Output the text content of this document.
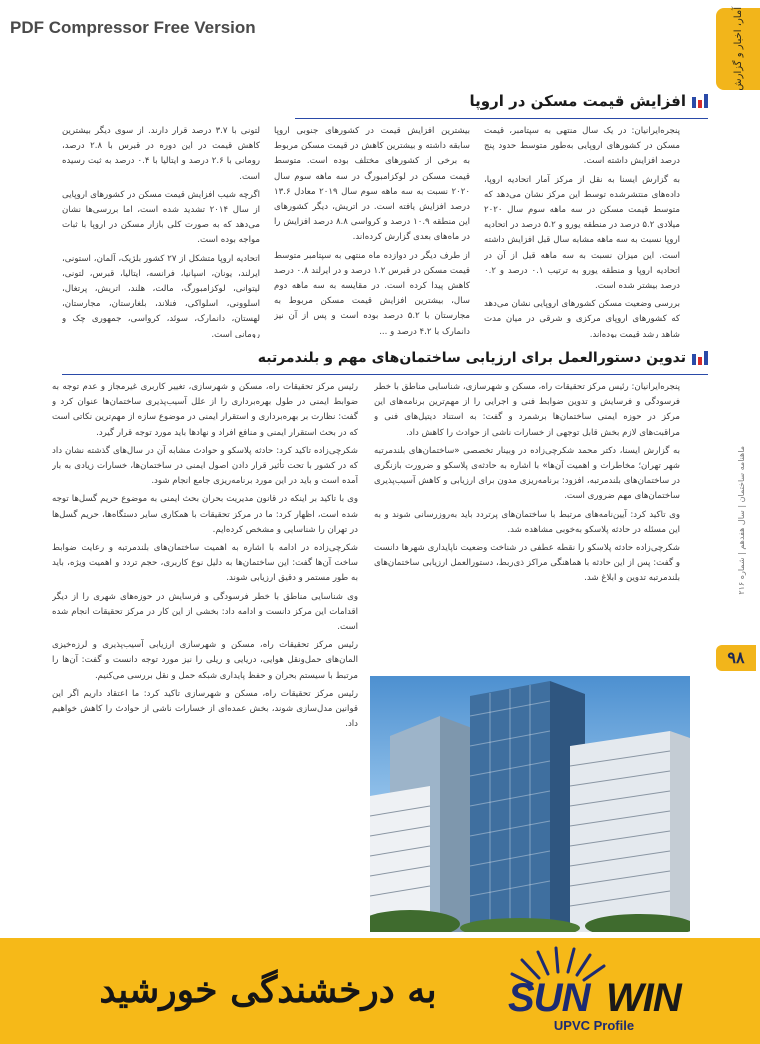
PDF Compressor Free Version	آمار، اخبار و گزارش
ماهنامه ساختمان | سال هفدهم | شماره ۲۱۶
۹۸
افزایش قیمت مسکن در اروپا

پنجره‌ایرانیان: در یک سال منتهی به سپتامبر، قیمت مسکن در کشورهای اروپایی به‌طور متوسط حدود پنج درصد افزایش داشته است.

به گزارش ایسنا به نقل از مرکز آمار اتحادیه اروپا، داده‌های منتشرشده توسط این مرکز نشان می‌دهد که متوسط قیمت مسکن در سه ماهه سوم سال ۲۰۲۰ میلادی ۵.۲ درصد در منطقه یورو و ۵.۲ درصد در اتحادیه اروپا نسبت به سه ماهه مشابه سال قبل افزایش داشته است. این میزان نسبت به سه ماهه قبل از آن در اتحادیه اروپا و منطقه یورو به ترتیب ۰.۱ درصد و ۰.۲ درصد بیشتر شده است.

بررسی وضعیت مسکن کشورهای اروپایی نشان می‌دهد که کشورهای اروپای مرکزی و شرقی در میان مدت شاهد رشد قیمت بوده‌اند.

بیشترین افزایش قیمت در کشورهای جنوبی اروپا سابقه داشته و بیشترین کاهش در قیمت مسکن مربوط به برخی از کشورهای مختلف بوده است. متوسط قیمت مسکن در لوکزامبورگ در سه ماهه سوم سال ۲۰۲۰ نسبت به سه ماهه سوم سال ۲۰۱۹ معادل ۱۳.۶ درصد افزایش یافته است. در اتریش، دیگر کشورهای این منطقه ۱۰.۹ درصد و کرواسی ۸.۸ درصد افزایش را در ماه‌های بعدی گزارش کرده‌اند.

از طرف دیگر در دوازده ماه منتهی به سپتامبر متوسط قیمت مسکن در قبرس ۱.۲ درصد و در ایرلند ۰.۸ درصد کاهش پیدا کرده است. در مقایسه به سه ماهه دوم سال، بیشترین افزایش قیمت مسکن مربوط به مجارستان با ۵.۲ درصد بوده است و پس از آن نیز دانمارک با ۴.۲ درصد و ...

لتونی با ۳.۷ درصد قرار دارند. از سوی دیگر بیشترین کاهش قیمت در این دوره در قبرس با ۲.۸ درصد، رومانی با ۲.۶ درصد و ایتالیا با ۰.۴ درصد به ثبت رسیده است.

اگرچه شیب افزایش قیمت مسکن در کشورهای اروپایی از سال ۲۰۱۴ تشدید شده است، اما بررسی‌ها نشان می‌دهد که به صورت کلی بازار مسکن در اروپا با ثبات مواجه بوده است.

اتحادیه اروپا متشکل از ۲۷ کشور بلژیک، آلمان، استونی، ایرلند، یونان، اسپانیا، فرانسه، ایتالیا، قبرس، لتونی، لیتوانی، لوکزامبورگ، مالت، هلند، اتریش، پرتغال، اسلوونی، اسلواکی، فنلاند، بلغارستان، مجارستان، لهستان، دانمارک، سوئد، کرواسی، جمهوری چک و رومانی است.

تدوین دستورالعمل برای ارزیابی ساختمان‌های مهم و بلندمرتبه

پنجره‌ایرانیان: رئیس مرکز تحقیقات راه، مسکن و شهرسازی، شناسایی مناطق با خطر فرسودگی و فرسایش و تدوین ضوابط فنی و اجرایی را از مهم‌ترین برنامه‌های این مرکز در حوزه ایمنی ساختمان‌ها برشمرد و گفت: به استناد دیتیل‌های فنی و مراقبت‌های لازم بخش قابل توجهی از خسارات ناشی از حوادث را کاهش داد.

به گزارش ایسنا، دکتر محمد شکرچی‌زاده در وبینار تخصصی «ساختمان‌های بلندمرتبه شهر تهران؛ مخاطرات و اهمیت آن‌ها» با اشاره به حادثه‌ی پلاسکو و ضرورت بازنگری در ساختمان‌های بلندمرتبه، افزود: برنامه‌ریزی مدون برای ارزیابی و کاهش آسیب‌پذیری ساختمان‌های مهم ضروری است.

وی تاکید کرد: آیین‌نامه‌های مرتبط با ساختمان‌های پرتردد باید به‌روزرسانی شوند و به این مسئله در حادثه پلاسکو به‌خوبی مشاهده شد.

شکرچی‌زاده حادثه پلاسکو را نقطه عطفی در شناخت وضعیت ناپایداری شهرها دانست و گفت: پس از این حادثه با هماهنگی مراکز ذی‌ربط، دستورالعمل ارزیابی ساختمان‌های بلندمرتبه تدوین و ابلاغ شد.

رئیس مرکز تحقیقات راه، مسکن و شهرسازی، تغییر کاربری غیرمجاز و عدم توجه به ضوابط ایمنی در طول بهره‌برداری را از علل آسیب‌پذیری ساختمان‌ها عنوان کرد و گفت: نظارت بر بهره‌برداری و استقرار ایمنی در موضوع سازه از مهم‌ترین نکاتی است که در بحث استقرار ایمنی و منافع افراد و نهادها باید مورد توجه قرار گیرد.

شکرچی‌زاده تاکید کرد: حادثه پلاسکو و حوادث مشابه آن در سال‌های گذشته نشان داد که در کشور با تحت تأثیر قرار دادن اصول ایمنی در ساختمان‌ها، خسارات زیادی به بار آمده است و باید در این مورد برنامه‌ریزی جامع انجام شود.

وی با تاکید بر اینکه در قانون مدیریت بحران بحث ایمنی به موضوع حریم گسل‌ها توجه شده است، اظهار کرد: ما در مرکز تحقیقات با همکاری سایر دستگاه‌ها، حریم گسل‌ها در تهران را شناسایی و مشخص کرده‌ایم.

شکرچی‌زاده در ادامه با اشاره به اهمیت ساختمان‌های بلندمرتبه و رعایت ضوابط ساخت آن‌ها گفت: این ساختمان‌ها به دلیل نوع کاربری، حجم تردد و اهمیت ویژه، باید به طور مستمر و دقیق ارزیابی شوند.

وی شناسایی مناطق با خطر فرسودگی و فرسایش در حوزه‌های شهری را از دیگر اقدامات این مرکز دانست و ادامه داد: بخشی از این کار در مرکز تحقیقات انجام شده است.

رئیس مرکز تحقیقات راه، مسکن و شهرسازی ارزیابی آسیب‌پذیری و لرزه‌خیزی المان‌های حمل‌ونقل هوایی، دریایی و ریلی را نیز مورد توجه دانست و گفت: آن‌ها را مرتبط با سیستم بحران و حفظ پایداری شبکه حمل و نقل بررسی می‌کنیم.

رئیس مرکز تحقیقات راه، مسکن و شهرسازی تاکید کرد: ما اعتقاد داریم اگر این قوانین مدل‌سازی شوند، بخش عمده‌ای از خسارات ناشی از حوادث را کاهش خواهیم داد.

به درخشندگی خورشید	SUN WIN
UPVC Profile
